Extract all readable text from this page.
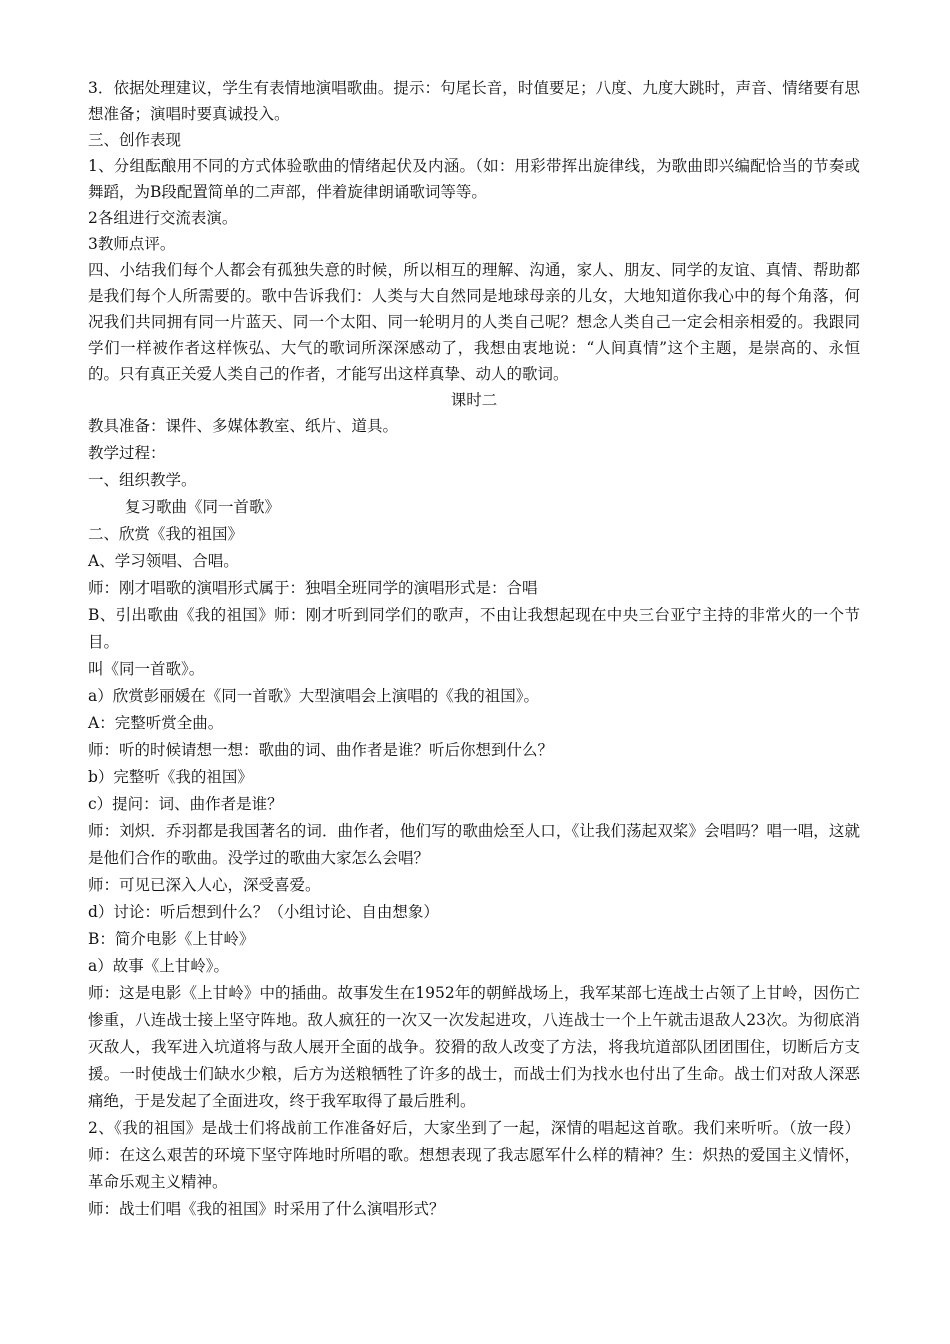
3．依据处理建议，学生有表情地演唱歌曲。提示：句尾长音，时值要足；八度、九度大跳时，声音、情绪要有思想准备；演唱时要真诚投入。

三、创作表现

1、分组酝酿用不同的方式体验歌曲的情绪起伏及内涵。（如：用彩带挥出旋律线，为歌曲即兴编配恰当的节奏或舞蹈，为B段配置简单的二声部，伴着旋律朗诵歌词等等。

2各组进行交流表演。

3教师点评。

四、小结我们每个人都会有孤独失意的时候，所以相互的理解、沟通，家人、朋友、同学的友谊、真情、帮助都是我们每个人所需要的。歌中告诉我们：人类与大自然同是地球母亲的儿女，大地知道你我心中的每个角落，何况我们共同拥有同一片蓝天、同一个太阳、同一轮明月的人类自己呢？想念人类自己一定会相亲相爱的。我跟同学们一样被作者这样恢弘、大气的歌词所深深感动了，我想由衷地说：“人间真情”这个主题，是崇高的、永恒的。只有真正关爱人类自己的作者，才能写出这样真挚、动人的歌词。

课时二

教具准备：课件、多媒体教室、纸片、道具。

教学过程：

一、组织教学。

复习歌曲《同一首歌》

二、欣赏《我的祖国》

A、学习领唱、合唱。

师：刚才唱歌的演唱形式属于：独唱全班同学的演唱形式是：合唱

B、引出歌曲《我的祖国》师：刚才听到同学们的歌声，不由让我想起现在中央三台亚宁主持的非常火的一个节目。

叫《同一首歌》。

a）欣赏彭丽媛在《同一首歌》大型演唱会上演唱的《我的祖国》。

A：完整听赏全曲。

师：听的时候请想一想：歌曲的词、曲作者是谁？听后你想到什么？

b）完整听《我的祖国》

c）提问：词、曲作者是谁？

师：刘炽．乔羽都是我国著名的词．曲作者，他们写的歌曲烩至人口，《让我们荡起双桨》会唱吗？唱一唱，这就是他们合作的歌曲。没学过的歌曲大家怎么会唱？

师：可见已深入人心，深受喜爱。

d）讨论：听后想到什么？（小组讨论、自由想象）

B：简介电影《上甘岭》

a）故事《上甘岭》。

师：这是电影《上甘岭》中的插曲。故事发生在1952年的朝鲜战场上，我军某部七连战士占领了上甘岭，因伤亡惨重，八连战士接上坚守阵地。敌人疯狂的一次又一次发起进攻，八连战士一个上午就击退敌人23次。为彻底消灭敌人，我军进入坑道将与敌人展开全面的战争。狡猾的敌人改变了方法，将我坑道部队团团围住，切断后方支援。一时使战士们缺水少粮，后方为送粮牺牲了许多的战士，而战士们为找水也付出了生命。战士们对敌人深恶痛绝，于是发起了全面进攻，终于我军取得了最后胜利。

2、《我的祖国》是战士们将战前工作准备好后，大家坐到了一起，深情的唱起这首歌。我们来听听。（放一段）师：在这么艰苦的环境下坚守阵地时所唱的歌。想想表现了我志愿军什么样的精神？生：炽热的爱国主义情怀，革命乐观主义精神。

师：战士们唱《我的祖国》时采用了什么演唱形式？
